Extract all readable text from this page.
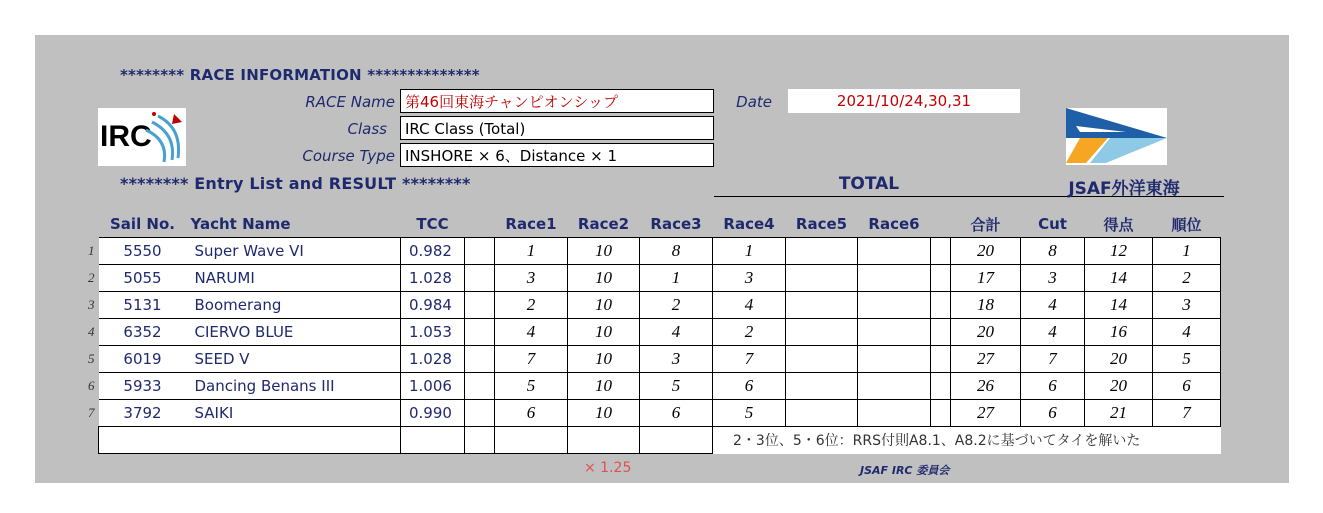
******** RACE INFORMATION **************
******** Entry List and RESULT ********
IRC
RACE Name 第46回東海チャンピオンシップ
Class	IRC Class (Total)
Course Type INSHORE × 6、Distance × 1
Date	2021/10/24,30,31
TOTAL	JSAF外洋東海
Sail No.	Yacht Name	TCC		Race1	Race2	Race3	Race4	Race5	Race6		合計	Cut	得点	順位
5550	Super Wave VI	0.982		1	10	8	1				20	8	12	1
5055	NARUMI	1.028		3	10	1	3				17	3	14	2
5131	Boomerang	0.984		2	10	2	4				18	4	14	3
6352	CIERVO BLUE	1.053		4	10	4	2				20	4	16	4
6019	SEED V	1.028		7	10	3	7				27	7	20	5
5933	Dancing Benans III	1.006		5	10	5	6				26	6	20	6
3792	SAIKI	0.990		6	10	6	5				27	6	21	7
							2・3位、5・6位：RRS付則A8.1、A8.2に基づいてタイを解いた							
1
2
3
4
5
6
7
× 1.25	JSAF IRC 委員会
